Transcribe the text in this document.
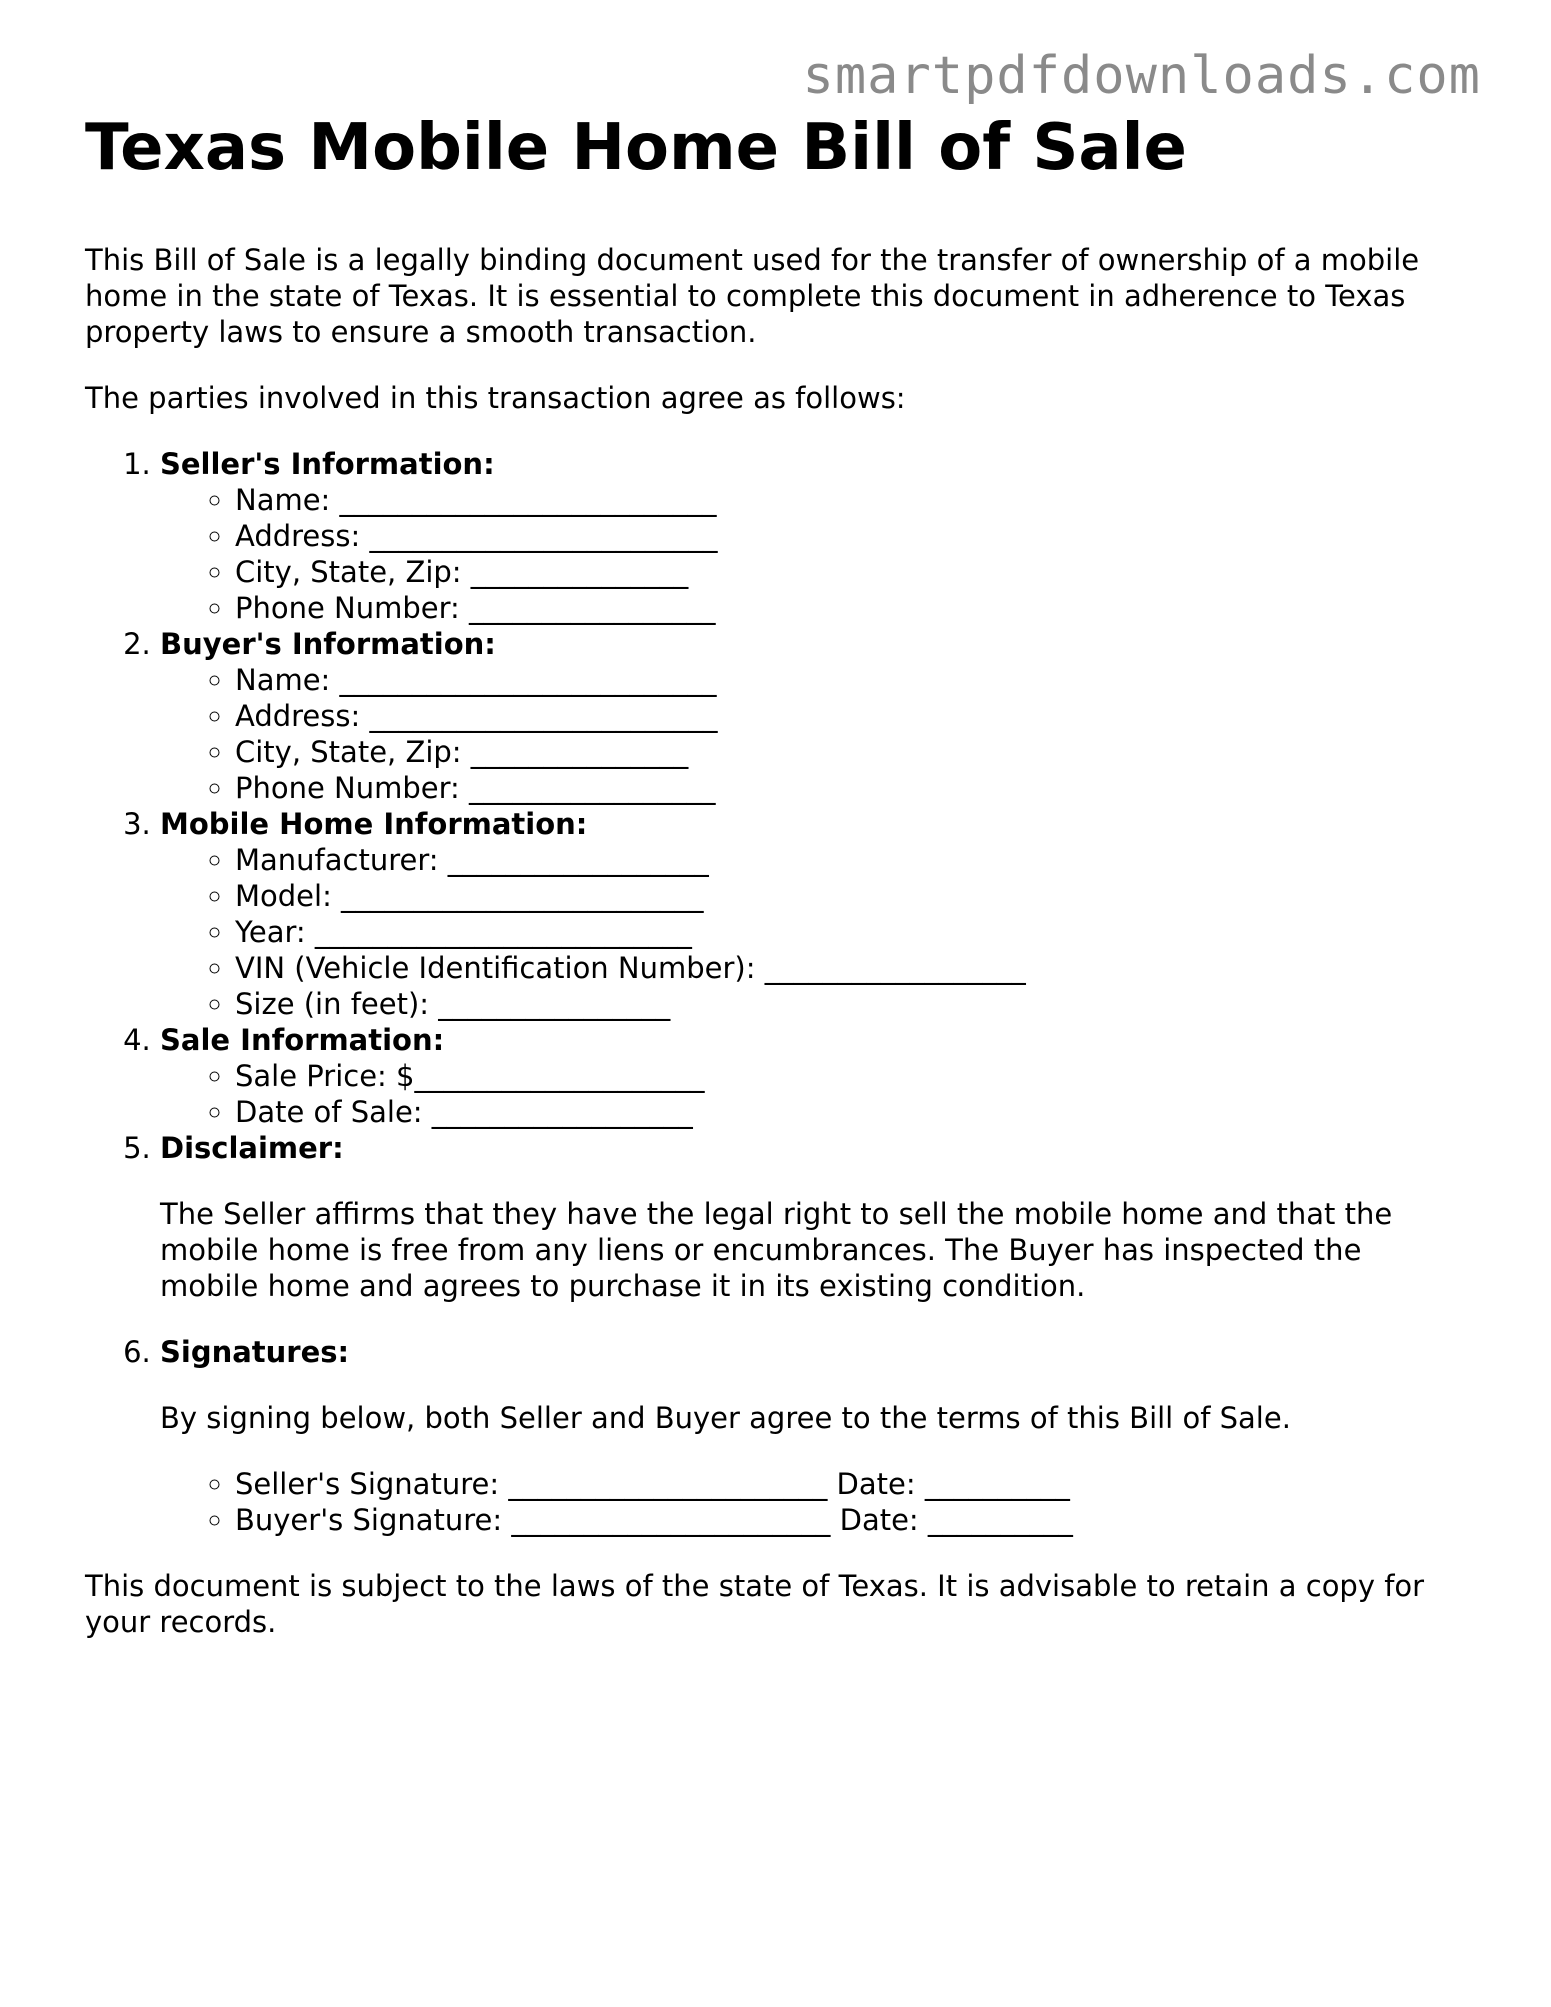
smartpdfdownloads.com
Texas Mobile Home Bill of Sale

This Bill of Sale is a legally binding document used for the transfer of ownership of a mobile home in the state of Texas. It is essential to complete this document in adherence to Texas property laws to ensure a smooth transaction.

The parties involved in this transaction agree as follows:

1. Seller's Information:
◦ Name: __________________________
◦ Address: ________________________
◦ City, State, Zip: _______________
◦ Phone Number: _________________
2. Buyer's Information:
◦ Name: __________________________
◦ Address: ________________________
◦ City, State, Zip: _______________
◦ Phone Number: _________________
3. Mobile Home Information:
◦ Manufacturer: __________________
◦ Model: _________________________
◦ Year: __________________________
◦ VIN (Vehicle Identification Number): __________________
◦ Size (in feet): ________________
4. Sale Information:
◦ Sale Price: $____________________
◦ Date of Sale: __________________
5. Disclaimer:

The Seller affirms that they have the legal right to sell the mobile home and that the mobile home is free from any liens or encumbrances. The Buyer has inspected the mobile home and agrees to purchase it in its existing condition.

6. Signatures:

By signing below, both Seller and Buyer agree to the terms of this Bill of Sale.

◦ Seller's Signature: ______________________ Date: __________
◦ Buyer's Signature: ______________________ Date: __________

This document is subject to the laws of the state of Texas. It is advisable to retain a copy for your records.
